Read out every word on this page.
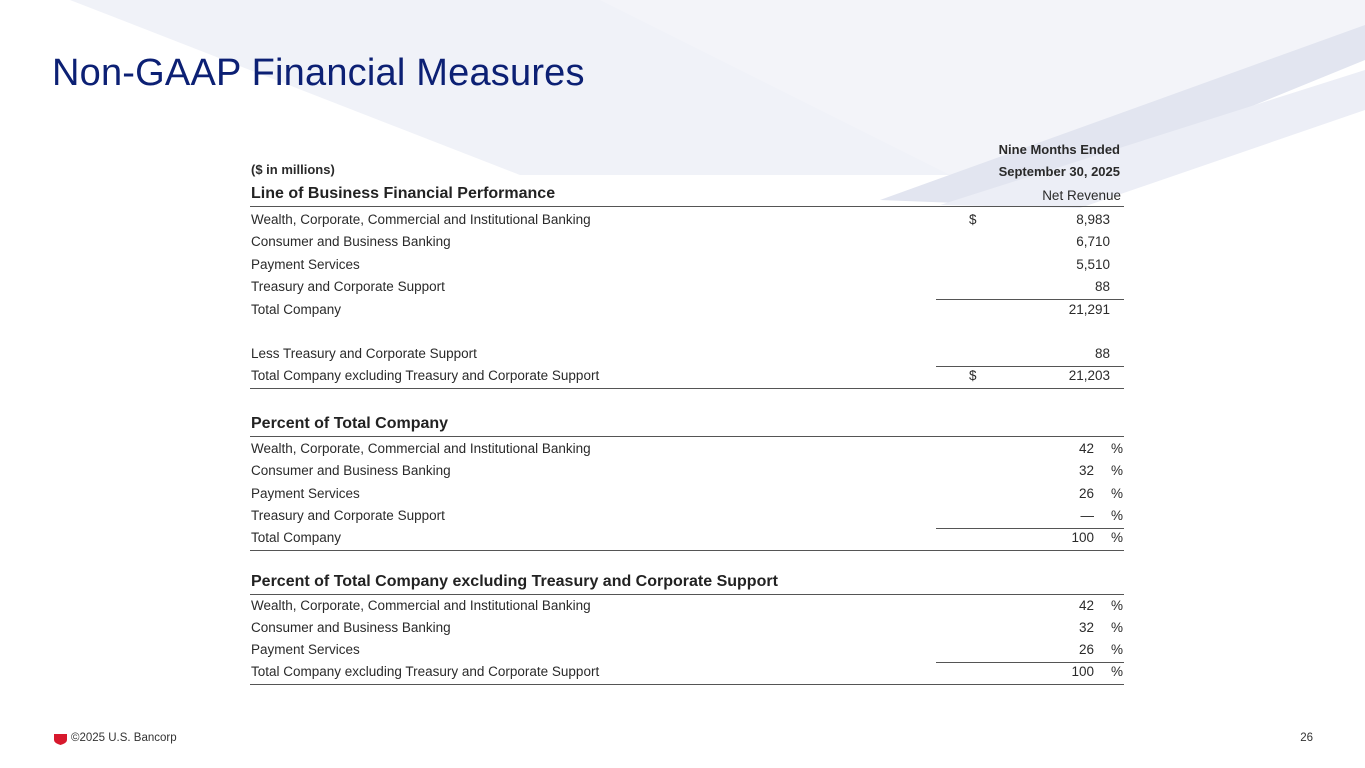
Non-GAAP Financial Measures
($ in millions)
Nine Months Ended
September 30, 2025
Line of Business Financial Performance	Net Revenue
Wealth, Corporate, Commercial and Institutional Banking	$	8,983
Consumer and Business Banking	6,710
Payment Services	5,510
Treasury and Corporate Support	88
Total Company	21,291
Less Treasury and Corporate Support	88
Total Company excluding Treasury and Corporate Support	$	21,203
Percent of Total Company
Wealth, Corporate, Commercial and Institutional Banking	42 %
Consumer and Business Banking	32 %
Payment Services	26 %
Treasury and Corporate Support	— %
Total Company	100 %
Percent of Total Company excluding Treasury and Corporate Support
Wealth, Corporate, Commercial and Institutional Banking	42 %
Consumer and Business Banking	32 %
Payment Services	26 %
Total Company excluding Treasury and Corporate Support	100 %
©2025 U.S. Bancorp	26
